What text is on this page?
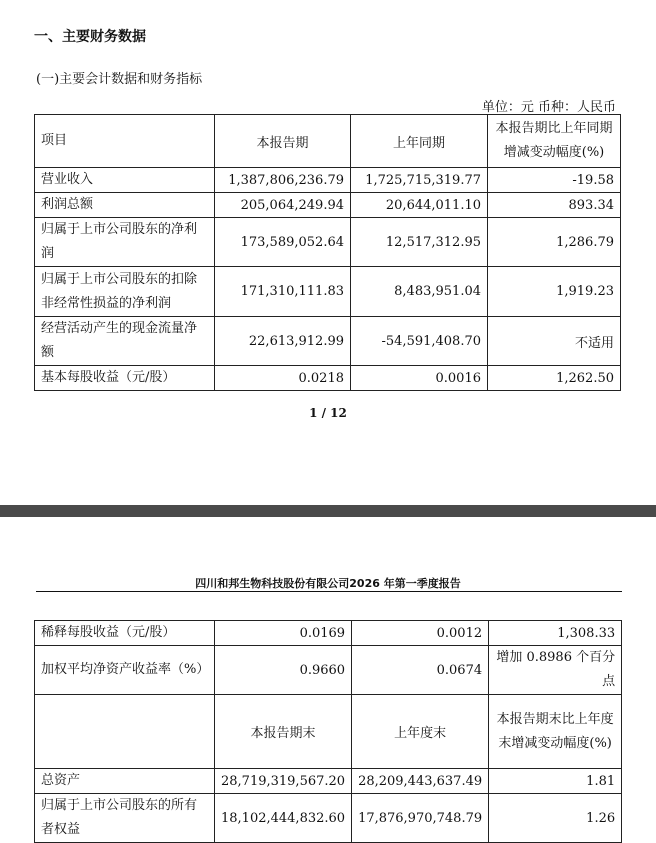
一、主要财务数据
(一)主要会计数据和财务指标
单位：元 币种：人民币
项目	本报告期	上年同期	本报告期比上年同期增减变动幅度(%)
营业收入	1,387,806,236.79	1,725,715,319.77	-19.58
利润总额	205,064,249.94	20,644,011.10	893.34
归属于上市公司股东的净利润	173,589,052.64	12,517,312.95	1,286.79
归属于上市公司股东的扣除非经常性损益的净利润	171,310,111.83	8,483,951.04	1,919.23
经营活动产生的现金流量净额	22,613,912.99	-54,591,408.70	不适用
基本每股收益（元/股）	0.0218	0.0016	1,262.50
1 / 12
四川和邦生物科技股份有限公司2026 年第一季度报告
稀释每股收益（元/股）	0.0169	0.0012	1,308.33
加权平均净资产收益率（%）	0.9660	0.0674	增加 0.8986 个百分点
	本报告期末	上年度末	本报告期末比上年度末增减变动幅度(%)
总资产	28,719,319,567.20	28,209,443,637.49	1.81
归属于上市公司股东的所有者权益	18,102,444,832.60	17,876,970,748.79	1.26
